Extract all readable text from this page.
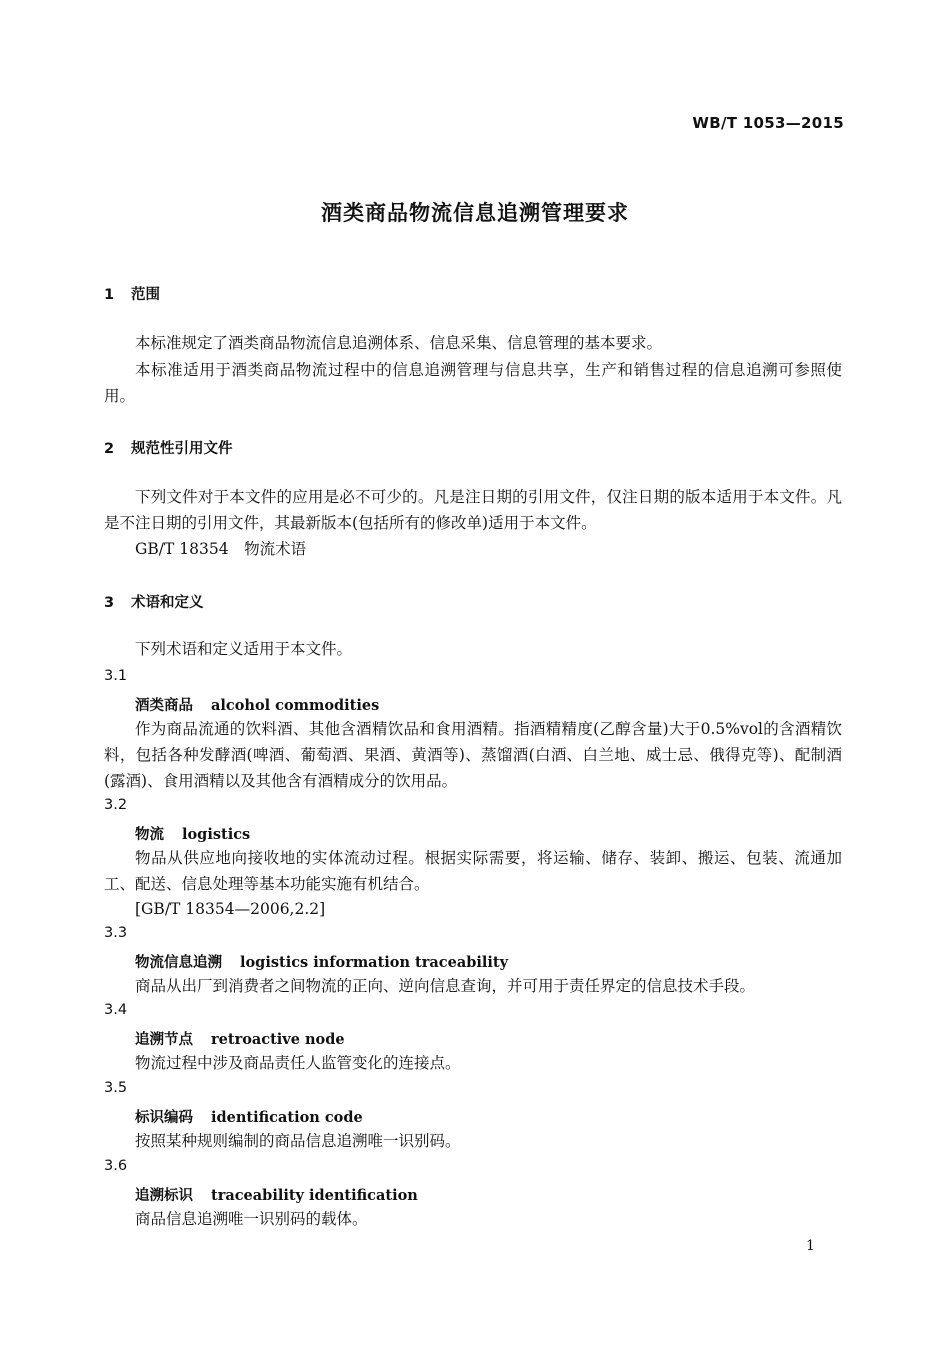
WB/T 1053—2015
酒类商品物流信息追溯管理要求
1 范围
本标准规定了酒类商品物流信息追溯体系、信息采集、信息管理的基本要求。
本标准适用于酒类商品物流过程中的信息追溯管理与信息共享，生产和销售过程的信息追溯可参照使用。
2 规范性引用文件
下列文件对于本文件的应用是必不可少的。凡是注日期的引用文件，仅注日期的版本适用于本文件。凡是不注日期的引用文件，其最新版本(包括所有的修改单)适用于本文件。
GB/T 18354　物流术语
3 术语和定义
下列术语和定义适用于本文件。
3.1
酒类商品 alcohol commodities
作为商品流通的饮料酒、其他含酒精饮品和食用酒精。指酒精精度(乙醇含量)大于0.5%vol的含酒精饮料，包括各种发酵酒(啤酒、葡萄酒、果酒、黄酒等)、蒸馏酒(白酒、白兰地、威士忌、俄得克等)、配制酒(露酒)、食用酒精以及其他含有酒精成分的饮用品。
3.2
物流 logistics
物品从供应地向接收地的实体流动过程。根据实际需要，将运输、储存、装卸、搬运、包装、流通加工、配送、信息处理等基本功能实施有机结合。
[GB/T 18354—2006,2.2]
3.3
物流信息追溯 logistics information traceability
商品从出厂到消费者之间物流的正向、逆向信息查询，并可用于责任界定的信息技术手段。
3.4
追溯节点 retroactive node
物流过程中涉及商品责任人监管变化的连接点。
3.5
标识编码 identification code
按照某种规则编制的商品信息追溯唯一识别码。
3.6
追溯标识 traceability identification
商品信息追溯唯一识别码的载体。
1
